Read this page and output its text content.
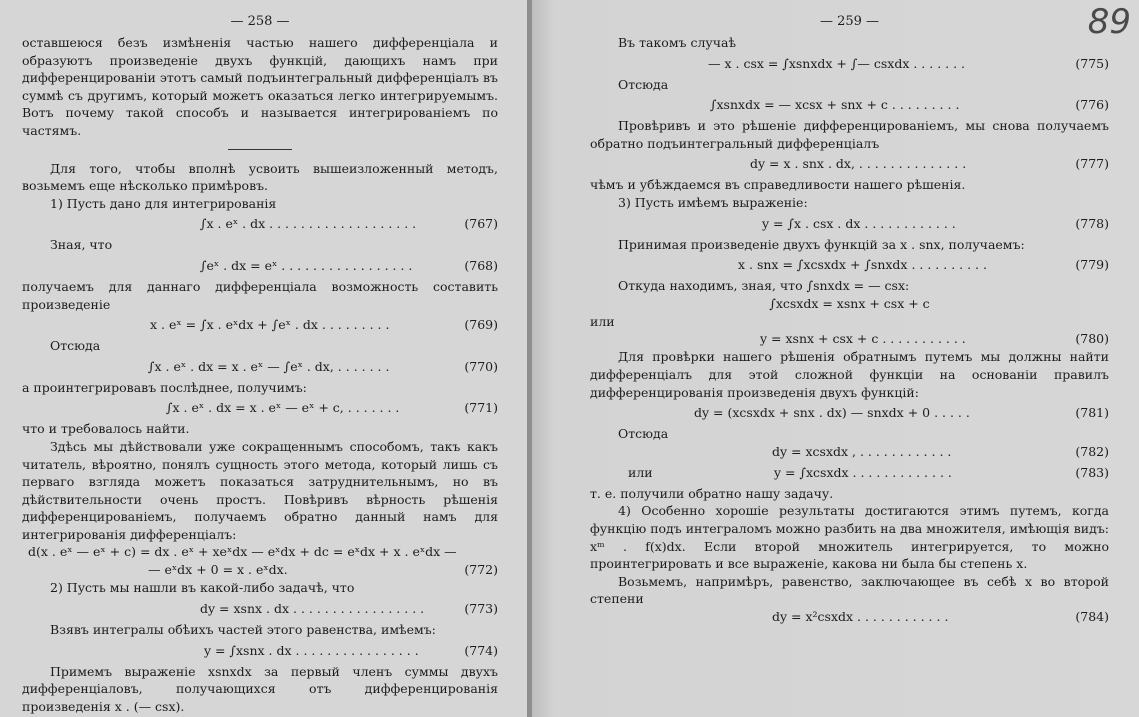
— 258 —

оставшеюся безъ измѣненія частью нашего дифференціала и образуютъ произведеніе двухъ функцій, дающихъ намъ при дифференцированіи этотъ самый подъинтегральный дифференціалъ въ суммѣ съ другимъ, который можетъ оказаться легко интегрируемымъ. Вотъ почему такой способъ и называется интегрированіемъ по частямъ.

Для того, чтобы вполнѣ усвоить вышеизложенный методъ, возьмемъ еще нѣсколько примѣровъ.

1) Пусть дано для интегрированія

∫x . eˣ . dx . . . . . . . . . . . . . . . . . . .	(767)

Зная, что

∫eˣ . dx = eˣ . . . . . . . . . . . . . . . . .	(768)

получаемъ для даннаго дифференціала возможность составить произведеніе

x . eˣ = ∫x . eˣdx + ∫eˣ . dx . . . . . . . . .	(769)

Отсюда

∫x . eˣ . dx = x . eˣ — ∫eˣ . dx, . . . . . . .	(770)

а проинтегрировавъ послѣднее, получимъ:

∫x . eˣ . dx = x . eˣ — eˣ + c, . . . . . . .	(771)

что и требовалось найти.

Здѣсь мы дѣйствовали уже сокращеннымъ способомъ, такъ какъ читатель, вѣроятно, понялъ сущность этого метода, который лишь съ перваго взгляда можетъ показаться затруднительнымъ, но въ дѣйствительности очень простъ. Повѣривъ вѣрность рѣшенія дифференцированіемъ, получаемъ обратно данный намъ для интегрированія дифференціалъ:

d(x . eˣ — eˣ + c) = dx . eˣ + xeˣdx — eˣdx + dc = eˣdx + x . eˣdx —
— eˣdx + 0 = x . eˣdx.	(772)

2) Пусть мы нашли въ какой-либо задачѣ, что

dy = xsnx . dx . . . . . . . . . . . . . . . . .	(773)

Взявъ интегралы обѣихъ частей этого равенства, имѣемъ:

y = ∫xsnx . dx . . . . . . . . . . . . . . . .	(774)

Примемъ выраженіе xsnxdx за первый членъ суммы двухъ дифференціаловъ, получающихся отъ дифференцированія произведенія x . (— csx).

89
— 259 —

Въ такомъ случаѣ

— x . csx = ∫xsnxdx + ∫— csxdx . . . . . . .	(775)

Отсюда

∫xsnxdx = — xcsx + snx + c . . . . . . . . .	(776)

Провѣривъ и это рѣшеніе дифференцированіемъ, мы снова получаемъ обратно подъинтегральный дифференціалъ

dy = x . snx . dx, . . . . . . . . . . . . . .	(777)

чѣмъ и убѣждаемся въ справедливости нашего рѣшенія.

3) Пусть имѣемъ выраженіе:

y = ∫x . csx . dx . . . . . . . . . . . .	(778)

Принимая произведеніе двухъ функцій за x . snx, получаемъ:

x . snx = ∫xcsxdx + ∫snxdx . . . . . . . . . .	(779)

Откуда находимъ, зная, что ∫snxdx = — csx:

∫xcsxdx = xsnx + csx + c

или

y = xsnx + csx + c . . . . . . . . . . .	(780)

Для провѣрки нашего рѣшенія обратнымъ путемъ мы должны найти дифференціалъ для этой сложной функціи на основаніи правилъ дифференцированія произведенія двухъ функцій:

dy = (xcsxdx + snx . dx) — snxdx + 0 . . . . .	(781)

Отсюда

dy = xcsxdx , . . . . . . . . . . . .	(782)
или	y = ∫xcsxdx . . . . . . . . . . . . .	(783)

т. е. получили обратно нашу задачу.

4) Особенно хорошіе результаты достигаются этимъ путемъ, когда функцію подъ интеграломъ можно разбить на два множителя, имѣющія видъ: xᵐ . f(x)dx. Если второй множитель интегрируется, то можно проинтегрировать и все выраженіе, какова ни была бы степень x.

Возьмемъ, напримѣръ, равенство, заключающее въ себѣ x во второй степени

dy = x²csxdx . . . . . . . . . . . .	(784)
